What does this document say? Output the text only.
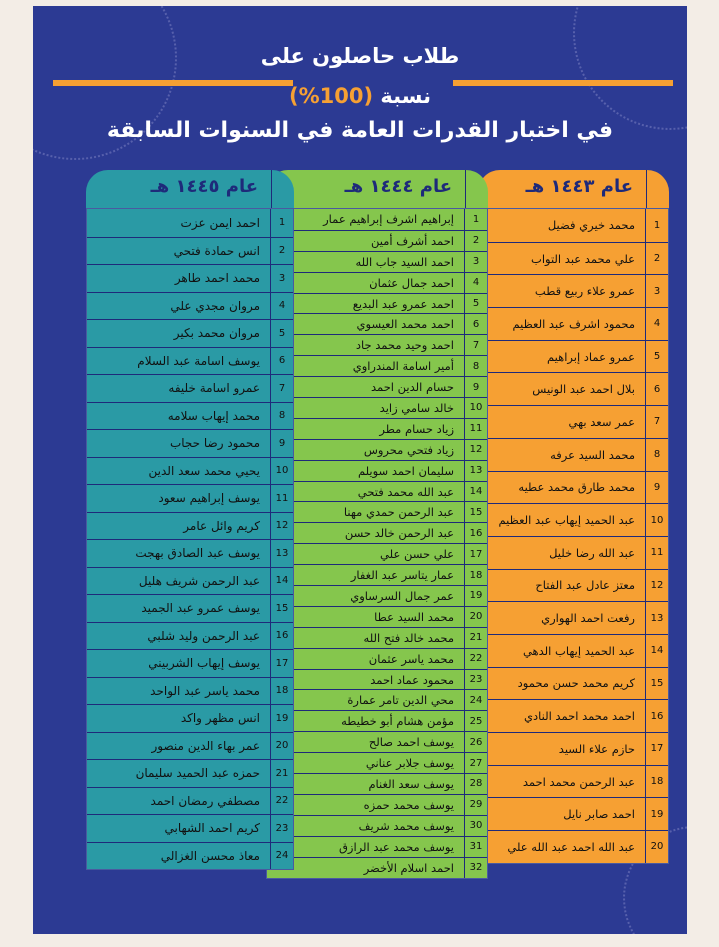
طلاب حاصلون على
نسبة (100%)
في اختبار القدرات العامة في السنوات السابقة
عام ١٤٤٣ هـ
1
محمد خيري فضيل
2
علي محمد عبد التواب
3
عمرو علاء ربيع قطب
4
محمود اشرف عبد العظيم
5
عمرو عماد إبراهيم
6
بلال احمد عبد الونيس
7
عمر سعد بهي
8
محمد السيد عرفه
9
محمد طارق محمد عطيه
10
عبد الحميد إيهاب عبد العظيم
11
عبد الله رضا خليل
12
معتز عادل عبد الفتاح
13
رفعت احمد الهواري
14
عبد الحميد إيهاب الدهي
15
كريم محمد حسن محمود
16
احمد محمد احمد النادي
17
حازم علاء السيد
18
عبد الرحمن محمد احمد
19
احمد صابر نايل
20
عبد الله احمد عبد الله علي
عام ١٤٤٤ هـ
1
إبراهيم اشرف إبراهيم عمار
2
احمد أشرف أمين
3
احمد السيد جاب الله
4
احمد جمال عثمان
5
احمد عمرو عبد البديع
6
احمد محمد العيسوي
7
احمد وحيد محمد جاد
8
أمير اسامة المندراوي
9
حسام الدين احمد
10
خالد سامي زايد
11
زياد حسام مطر
12
زياد فتحي محروس
13
سليمان احمد سويلم
14
عبد الله محمد فتحي
15
عبد الرحمن حمدي مهنا
16
عبد الرحمن خالد حسن
17
علي حسن علي
18
عمار يتاسر عبد الغفار
19
عمر جمال السرساوي
20
محمد السيد عطا
21
محمد خالد فتح الله
22
محمد ياسر عثمان
23
محمود عماد احمد
24
محي الدين تامر عمارة
25
مؤمن هشام أبو خطيطه
26
يوسف احمد صالح
27
يوسف جلابر عناني
28
يوسف سعد الغنام
29
يوسف محمد حمزه
30
يوسف محمد شريف
31
يوسف محمد عبد الرازق
32
احمد اسلام الأخضر
عام ١٤٤٥ هـ
1
احمد ايمن عزت
2
انس حمادة فتحي
3
محمد احمد طاهر
4
مروان مجدي علي
5
مروان محمد بكير
6
يوسف اسامة عبد السلام
7
عمرو اسامة خليفه
8
محمد إيهاب سلامه
9
محمود رضا حجاب
10
يحيي محمد سعد الدين
11
يوسف إبراهيم سعود
12
كريم وائل عامر
13
يوسف عبد الصادق بهجت
14
عبد الرحمن شريف هليل
15
يوسف عمرو عبد الجميد
16
عبد الرحمن وليد شلبي
17
يوسف إيهاب الشربيني
18
محمد ياسر عبد الواحد
19
انس مظهر واكد
20
عمر بهاء الدين منصور
21
حمزه عبد الحميد سليمان
22
مصطفي رمضان احمد
23
كريم احمد الشهابي
24
معاذ محسن الغزالي
